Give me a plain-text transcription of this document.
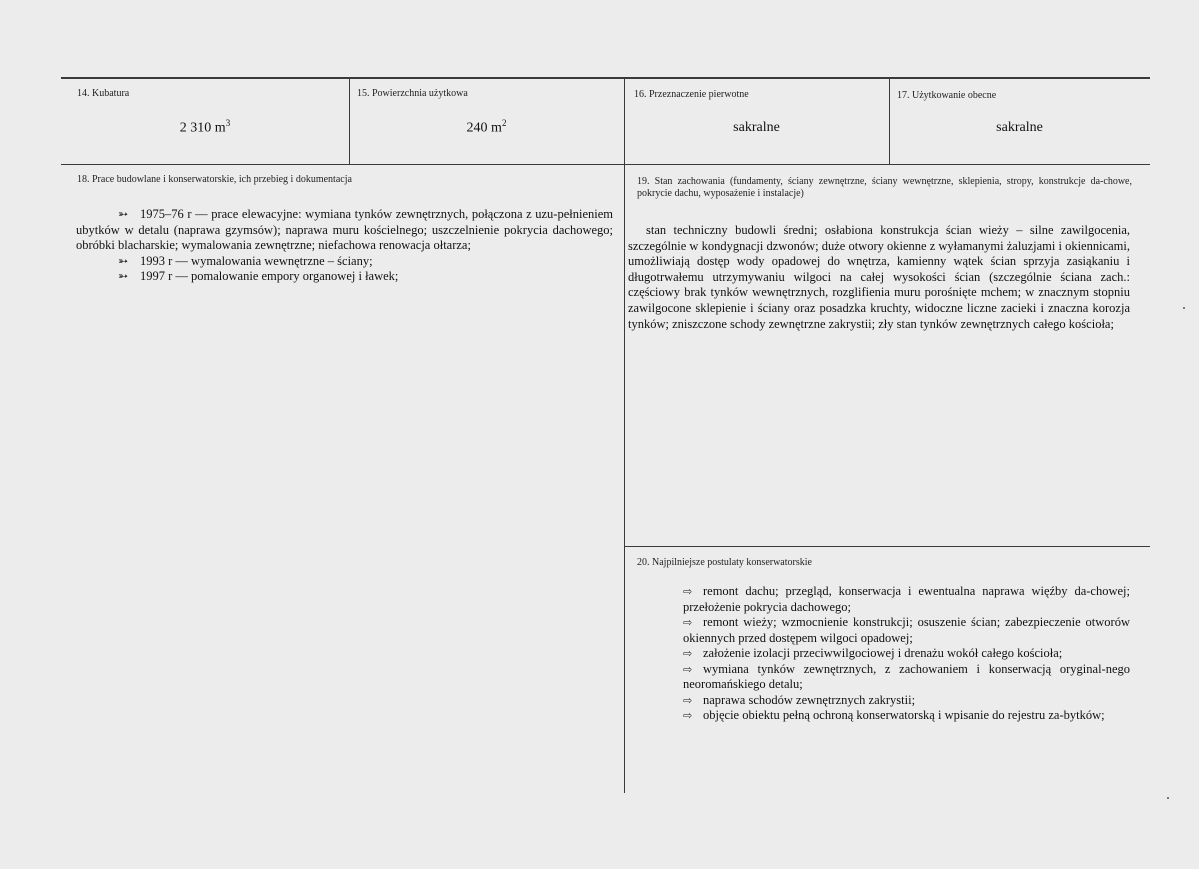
14. Kubatura
2 310 $m^3$
15. Powierzchnia użytkowa
240 $m^2$
16. Przeznaczenie pierwotne
sakralne
17. Użytkowanie obecne
sakralne
18. Prace budowlane i konserwatorskie, ich przebieg i dokumentacja
➳ 1975–76 r — prace elewacyjne: wymiana tynków zewnętrznych, połączona z uzu-pełnieniem ubytków w detalu (naprawa gzymsów); naprawa muru kościelnego; uszczelnienie pokrycia dachowego; obróbki blacharskie; wymalowania zewnętrzne; niefachowa renowacja ołtarza;
➳ 1993 r — wymalowania wewnętrzne – ściany;
➳ 1997 r — pomalowanie empory organowej i ławek;
19. Stan zachowania (fundamenty, ściany zewnętrzne, ściany wewnętrzne, sklepienia, stropy, konstrukcje da-chowe, pokrycie dachu, wyposażenie i instalacje)
stan techniczny budowli średni; osłabiona konstrukcja ścian wieży – silne zawilgocenia, szczególnie w kondygnacji dzwonów; duże otwory okienne z wyłamanymi żaluzjami i okiennicami, umożliwiają dostęp wody opadowej do wnętrza, kamienny wątek ścian sprzyja zasiąkaniu i długotrwałemu utrzymywaniu wilgoci na całej wysokości ścian (szczególnie ściana zach.: częściowy brak tynków wewnętrznych, rozglifienia muru porośnięte mchem; w znacznym stopniu zawilgocone sklepienie i ściany oraz posadzka kruchty, widoczne liczne zacieki i znaczna korozja tynków; zniszczone schody zewnętrzne zakrystii; zły stan tynków zewnętrznych całego kościoła;
20. Najpilniejsze postulaty konserwatorskie
⇨ remont dachu; przegląd, konserwacja i ewentualna naprawa więźby da-chowej; przełożenie pokrycia dachowego;
⇨ remont wieży; wzmocnienie konstrukcji; osuszenie ścian; zabezpieczenie otworów okiennych przed dostępem wilgoci opadowej;
⇨ założenie izolacji przeciwwilgociowej i drenażu wokół całego kościoła;
⇨ wymiana tynków zewnętrznych, z zachowaniem i konserwacją oryginal-nego neoromańskiego detalu;
⇨ naprawa schodów zewnętrznych zakrystii;
⇨ objęcie obiektu pełną ochroną konserwatorską i wpisanie do rejestru za-bytków;
